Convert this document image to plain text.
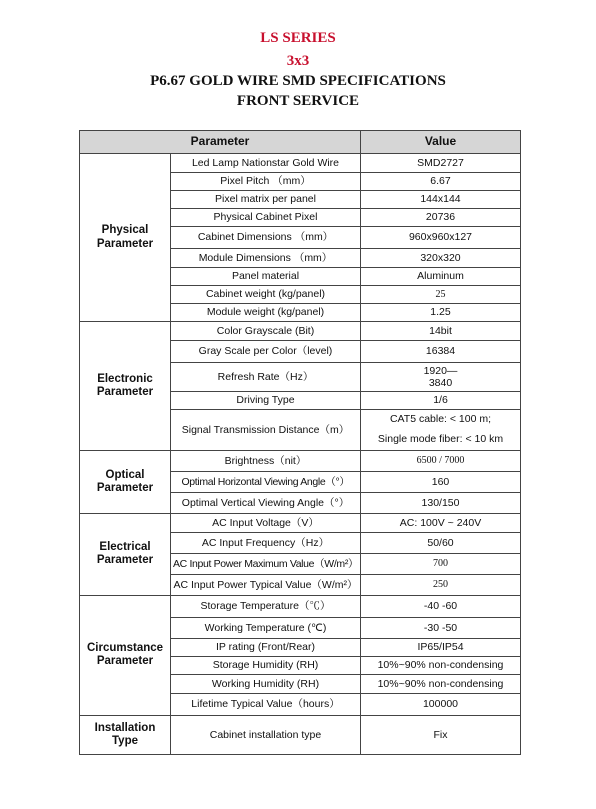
LS SERIES
3x3
P6.67 GOLD WIRE SMD SPECIFICATIONS
FRONT SERVICE
Parameter		Value
Physical
Parameter	Led Lamp Nationstar Gold Wire	SMD2727
	Pixel Pitch （mm）	6.67
	Pixel matrix per panel	144x144
	Physical Cabinet Pixel	20736
	Cabinet Dimensions （mm）	960x960x127
	Module Dimensions （mm）	320x320
	Panel material	Aluminum
	Cabinet weight (kg/panel)	25
	Module weight (kg/panel)	1.25
Electronic
Parameter	Color Grayscale (Bit)	14bit
	Gray Scale per Color（level)	16384
	Refresh Rate（Hz）	1920—
3840
	Driving Type	1/6
	Signal Transmission Distance（m）	CAT5 cable: < 100 m;
Single mode fiber: < 10 km
Optical
Parameter	Brightness（nit）	6500 / 7000
	Optimal Horizontal Viewing Angle（°）	160
	Optimal Vertical Viewing Angle（°）	130/150
Electrical
Parameter	AC Input Voltage（V）	AC: 100V ~ 240V
	AC Input Frequency（Hz）	50/60
	AC Input Power Maximum Value（W/m²）	700
	AC Input Power Typical Value（W/m²）	250
Circumstance
Parameter	Storage Temperature（℃）	-40 -60
	Working Temperature (℃)	-30 -50
	IP rating (Front/Rear)	IP65/IP54
	Storage Humidity (RH)	10%~90% non-condensing
	Working Humidity (RH)	10%~90% non-condensing
	Lifetime Typical Value（hours）	100000
Installation
Type	Cabinet installation type	Fix
